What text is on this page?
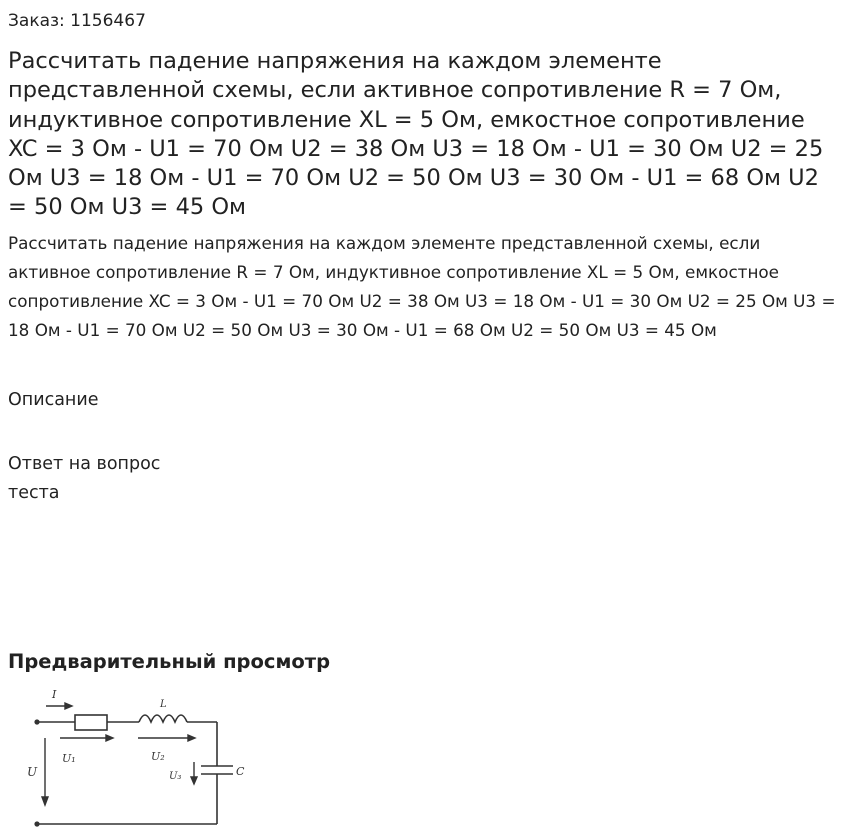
Заказ: 1156467
Рассчитать падение напряжения на каждом элементе представленной схемы, если активное сопротивление R = 7 Ом, индуктивное сопротивление XL = 5 Ом, емкостное сопротивление XC = 3 Ом - U1 = 70 Ом U2 = 38 Ом U3 = 18 Ом - U1 = 30 Ом U2 = 25 Ом U3 = 18 Ом - U1 = 70 Ом U2 = 50 Ом U3 = 30 Ом - U1 = 68 Ом U2 = 50 Ом U3 = 45 Ом

Рассчитать падение напряжения на каждом элементе представленной схемы, если активное сопротивление R = 7 Ом, индуктивное сопротивление XL = 5 Ом, емкостное сопротивление XC = 3 Ом - U1 = 70 Ом U2 = 38 Ом U3 = 18 Ом - U1 = 30 Ом U2 = 25 Ом U3 = 18 Ом - U1 = 70 Ом U2 = 50 Ом U3 = 30 Ом - U1 = 68 Ом U2 = 50 Ом U3 = 45 Ом

Описание
Ответ на вопрос теста
Предварительный просмотр
I
L
C
U
U₁	U₂
U₃
